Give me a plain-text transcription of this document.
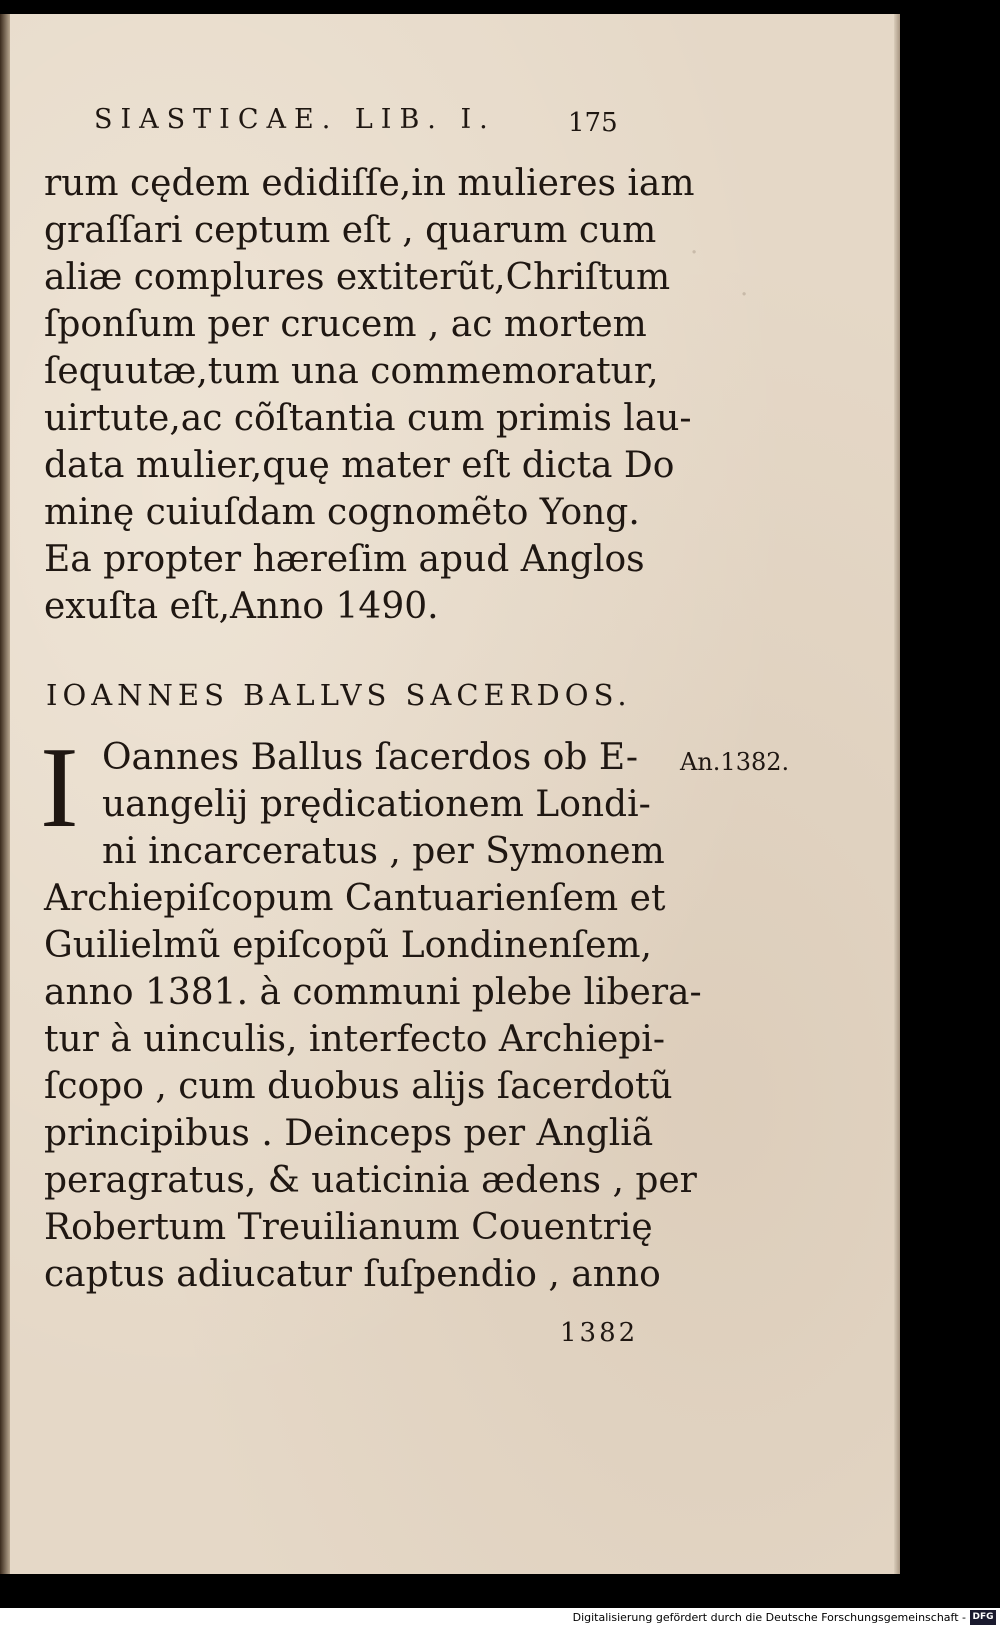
·
·
SIASTICAE. LIB. I.	175
rum cędem edidiſſe,in mulieres iam
graſſari ceptum eſt , quarum cum
aliæ complures extiterũt,Chriſtum
ſponſum per crucem , ac mortem
ſequutæ,tum una commemoratur,
uirtute,ac cõſtantia cum primis lau-
data mulier,quę mater eſt dicta Do
minę cuiuſdam cognomẽto Yong.
Ea propter hæreſim apud Anglos
exuſta eſt,Anno 1490.
IOANNES BALLVS SACERDOS.
I Oannes Ballus ſacerdos ob E-
uangelij prędicationem Londi-
ni incarceratus , per Symonem
Archiepiſcopum Cantuarienſem et
Guilielmũ epiſcopũ Londinenſem,
anno 1381. à communi plebe libera-
tur à uinculis, interfecto Archiepi-
ſcopo , cum duobus alijs ſacerdotũ
principibus . Deinceps per Angliã
peragratus, & uaticinia ædens , per
Robertum Treuilianum Couentrię
captus adiucatur ſuſpendio , anno
An.1382.
1382
Digitalisierung gefördert durch die Deutsche Forschungsgemeinschaft - DFG
